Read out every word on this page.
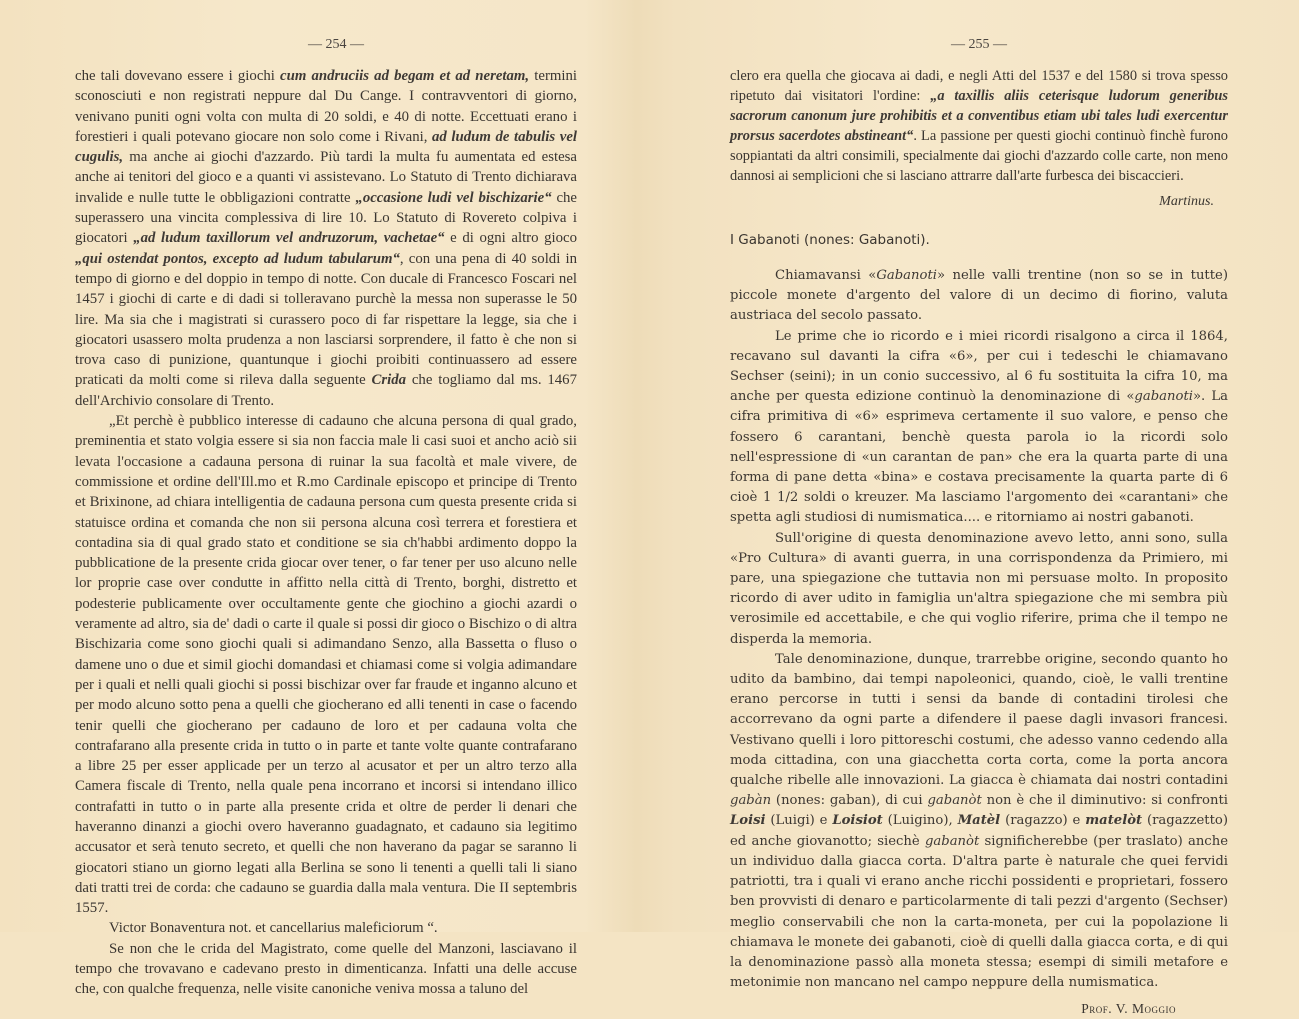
— 254 —

che tali dovevano essere i giochi cum andruciis ad begam et ad neretam, termini sconosciuti e non registrati neppure dal Du Cange. I contravventori di giorno, venivano puniti ogni volta con multa di 20 soldi, e 40 di notte. Eccettuati erano i forestieri i quali potevano giocare non solo come i Rivani, ad ludum de tabulis vel cugulis, ma anche ai giochi d'azzardo. Più tardi la multa fu aumentata ed estesa anche ai tenitori del gioco e a quanti vi assistevano. Lo Statuto di Trento dichiarava invalide e nulle tutte le obbligazioni contratte „occasione ludi vel bischizarie“ che superassero una vincita complessiva di lire 10. Lo Statuto di Rovereto colpiva i giocatori „ad ludum taxillorum vel andruzorum, vachetae“ e di ogni altro gioco „qui ostendat pontos, excepto ad ludum tabularum“, con una pena di 40 soldi in tempo di giorno e del doppio in tempo di notte. Con ducale di Francesco Foscari nel 1457 i giochi di carte e di dadi si tolleravano purchè la messa non superasse le 50 lire. Ma sia che i magistrati si curassero poco di far rispettare la legge, sia che i giocatori usassero molta prudenza a non lasciarsi sorprendere, il fatto è che non si trova caso di punizione, quantunque i giochi proibiti continuassero ad essere praticati da molti come si rileva dalla seguente Crida che togliamo dal ms. 1467 dell'Archivio consolare di Trento.

„Et perchè è pubblico interesse di cadauno che alcuna persona di qual grado, preminentia et stato volgia essere si sia non faccia male li casi suoi et ancho aciò sii levata l'occasione a cadauna persona di ruinar la sua facoltà et male vivere, de commissione et ordine dell'Ill.mo et R.mo Cardinale episcopo et principe di Trento et Brixinone, ad chiara intelligentia de cadauna persona cum questa presente crida si statuisce ordina et comanda che non sii persona alcuna così terrera et forestiera et contadina sia di qual grado stato et conditione se sia ch'habbi ardimento doppo la pubblicatione de la presente crida giocar over tener, o far tener per uso alcuno nelle lor proprie case over condutte in affitto nella città di Trento, borghi, distretto et podesterie publicamente over occultamente gente che giochino a giochi azardi o veramente ad altro, sia de' dadi o carte il quale si possi dir gioco o Bischizo o di altra Bischizaria come sono giochi quali si adimandano Senzo, alla Bassetta o fluso o damene uno o due et simil giochi domandasi et chiamasi come si volgia adimandare per i quali et nelli quali giochi si possi bischizar over far fraude et inganno alcuno et per modo alcuno sotto pena a quelli che giocherano ed alli tenenti in case o facendo tenir quelli che giocherano per cadauno de loro et per cadauna volta che contrafarano alla presente crida in tutto o in parte et tante volte quante contrafarano a libre 25 per esser applicade per un terzo al acusator et per un altro terzo alla Camera fiscale di Trento, nella quale pena incorrano et incorsi si intendano illico contrafatti in tutto o in parte alla presente crida et oltre de perder li denari che haveranno dinanzi a giochi overo haveranno guadagnato, et cadauno sia legitimo accusator et serà tenuto secreto, et quelli che non haverano da pagar se saranno li giocatori stiano un giorno legati alla Berlina se sono li tenenti a quelli tali li siano dati tratti trei de corda: che cadauno se guardia dalla mala ventura. Die II septembris 1557.

Victor Bonaventura not. et cancellarius maleficiorum “.

Se non che le crida del Magistrato, come quelle del Manzoni, lasciavano il tempo che trovavano e cadevano presto in dimenticanza. Infatti una delle accuse che, con qualche frequenza, nelle visite canoniche veniva mossa a taluno del

— 255 —

clero era quella che giocava ai dadi, e negli Atti del 1537 e del 1580 si trova spesso ripetuto dai visitatori l'ordine: „a taxillis aliis ceterisque ludorum generibus sacrorum canonum jure prohibitis et a conventibus etiam ubi tales ludi exercentur prorsus sacerdotes abstineant“. La passione per questi giochi continuò finchè furono soppiantati da altri consimili, specialmente dai giochi d'azzardo colle carte, non meno dannosi ai semplicioni che si lasciano attrarre dall'arte furbesca dei biscaccieri.

Martinus.
I Gabanoti (nones: Gabanoti).

Chiamavansi «Gabanoti» nelle valli trentine (non so se in tutte) piccole monete d'argento del valore di un decimo di fiorino, valuta austriaca del secolo passato.

Le prime che io ricordo e i miei ricordi risalgono a circa il 1864, recavano sul davanti la cifra «6», per cui i tedeschi le chiamavano Sechser (seini); in un conio successivo, al 6 fu sostituita la cifra 10, ma anche per questa edizione continuò la denominazione di «gabanoti». La cifra primitiva di «6» esprimeva certamente il suo valore, e penso che fossero 6 carantani, benchè questa parola io la ricordi solo nell'espressione di «un carantan de pan» che era la quarta parte di una forma di pane detta «bina» e costava precisamente la quarta parte di 6 cioè 1 1/2 soldi o kreuzer. Ma lasciamo l'argomento dei «carantani» che spetta agli studiosi di numismatica.... e ritorniamo ai nostri gabanoti.

Sull'origine di questa denominazione avevo letto, anni sono, sulla «Pro Cultura» di avanti guerra, in una corrispondenza da Primiero, mi pare, una spiegazione che tuttavia non mi persuase molto. In proposito ricordo di aver udito in famiglia un'altra spiegazione che mi sembra più verosimile ed accettabile, e che qui voglio riferire, prima che il tempo ne disperda la memoria.

Tale denominazione, dunque, trarrebbe origine, secondo quanto ho udito da bambino, dai tempi napoleonici, quando, cioè, le valli trentine erano percorse in tutti i sensi da bande di contadini tirolesi che accorrevano da ogni parte a difendere il paese dagli invasori francesi. Vestivano quelli i loro pittoreschi costumi, che adesso vanno cedendo alla moda cittadina, con una giacchetta corta corta, come la porta ancora qualche ribelle alle innovazioni. La giacca è chiamata dai nostri contadini gabàn (nones: gaban), di cui gabanòt non è che il diminutivo: si confronti Loisi (Luigi) e Loisiot (Luigino), Matèl (ragazzo) e matelòt (ragazzetto) ed anche giovanotto; siechè gabanòt significherebbe (per traslato) anche un individuo dalla giacca corta. D'altra parte è naturale che quei fervidi patriotti, tra i quali vi erano anche ricchi possidenti e proprietari, fossero ben provvisti di denaro e particolarmente di tali pezzi d'argento (Sechser) meglio conservabili che non la carta-moneta, per cui la popolazione li chiamava le monete dei gabanoti, cioè di quelli dalla giacca corta, e di qui la denominazione passò alla moneta stessa; esempi di simili metafore e metonimie non mancano nel campo neppure della numismatica.

Prof. V. Moggio
